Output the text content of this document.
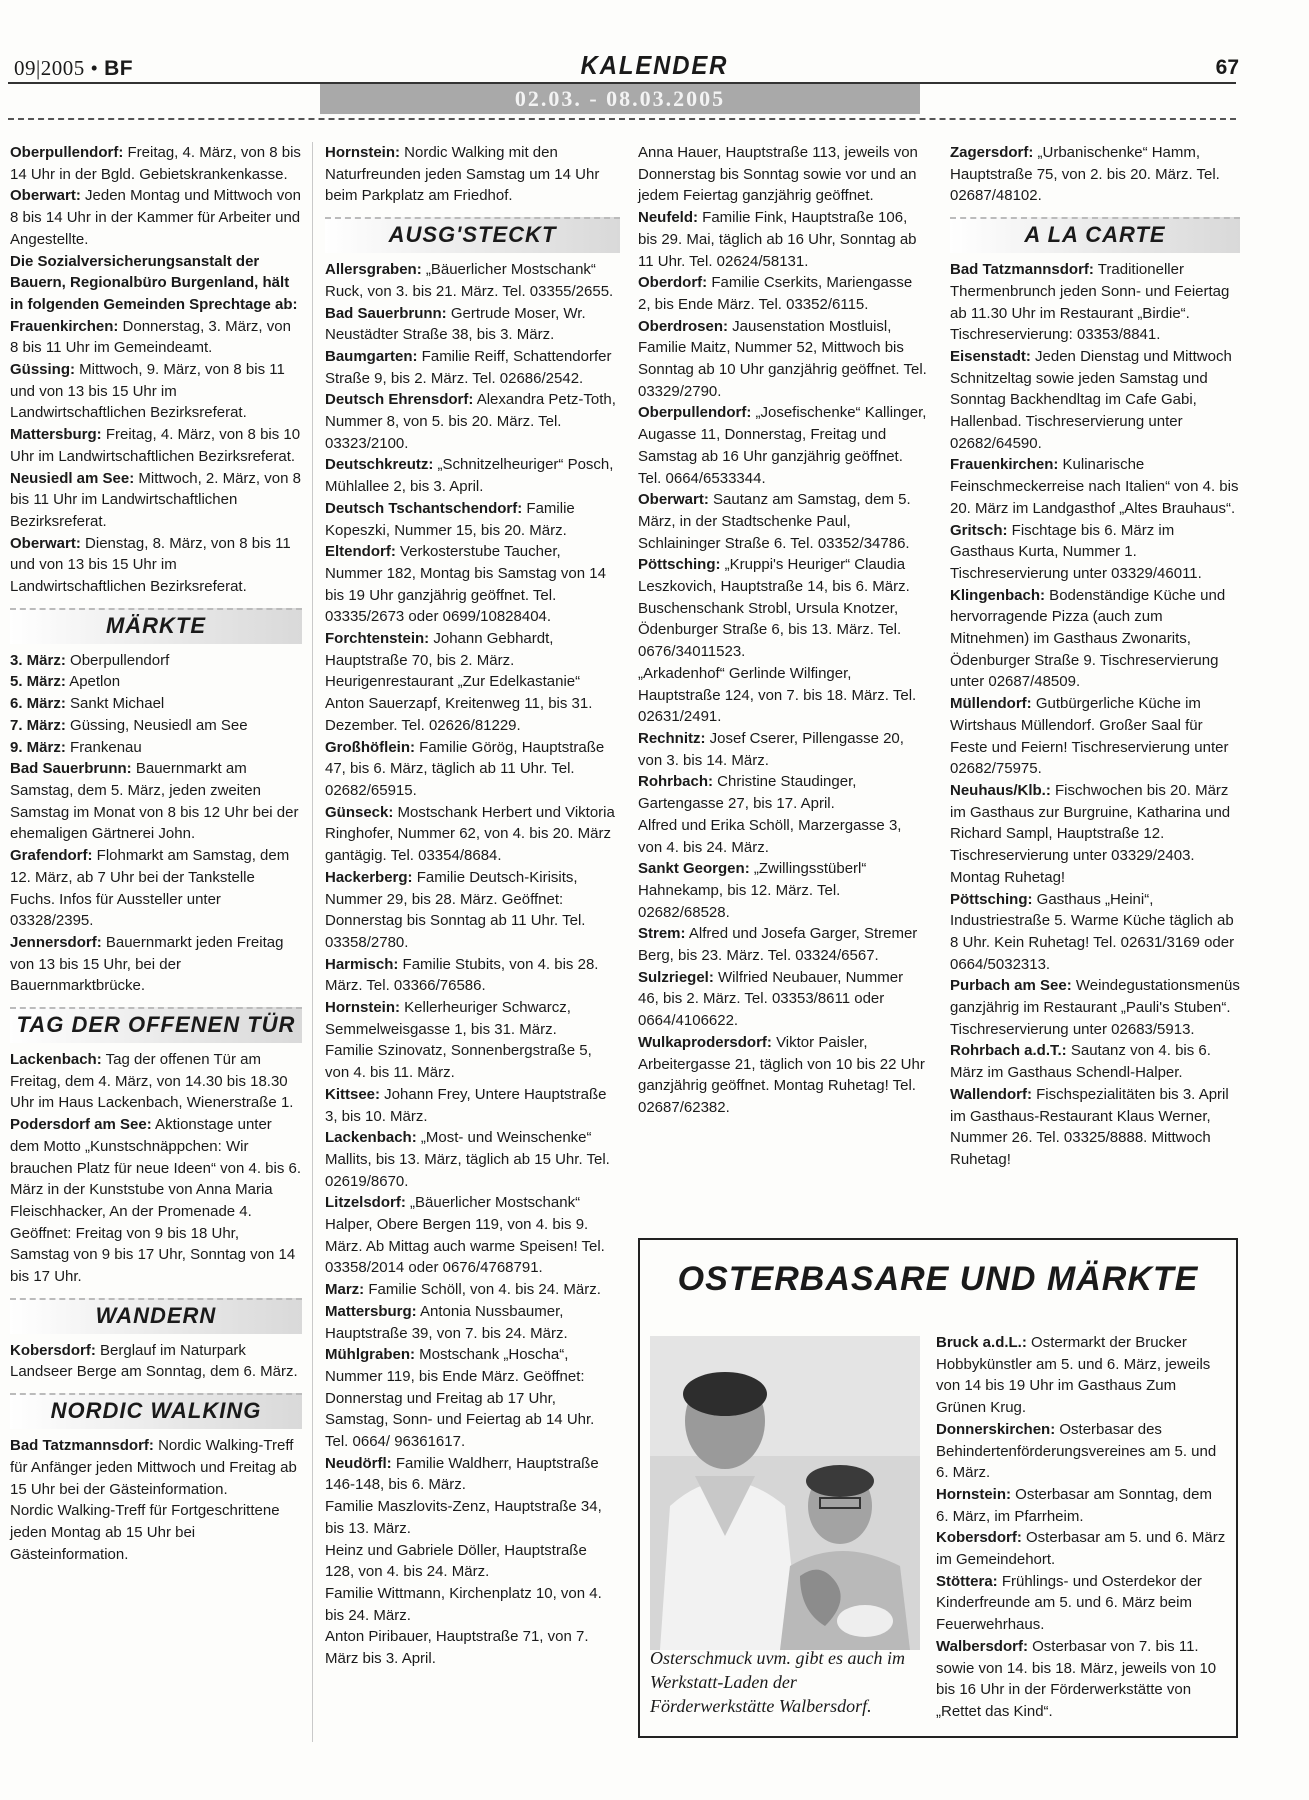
09|2005 • BF	KALENDER	67
02.03. - 08.03.2005

Oberpullendorf: Freitag, 4. März, von 8 bis 14 Uhr in der Bgld. Gebietskrankenkasse.

Oberwart: Jeden Montag und Mittwoch von 8 bis 14 Uhr in der Kammer für Arbeiter und Angestellte.

Die Sozialversicherungsanstalt der Bauern, Regionalbüro Burgenland, hält in folgenden Gemeinden Sprechtage ab:

Frauenkirchen: Donnerstag, 3. März, von 8 bis 11 Uhr im Gemeindeamt.

Güssing: Mittwoch, 9. März, von 8 bis 11 und von 13 bis 15 Uhr im Landwirtschaftlichen Bezirksreferat.

Mattersburg: Freitag, 4. März, von 8 bis 10 Uhr im Landwirtschaftlichen Bezirksreferat.

Neusiedl am See: Mittwoch, 2. März, von 8 bis 11 Uhr im Landwirtschaftlichen Bezirksreferat.

Oberwart: Dienstag, 8. März, von 8 bis 11 und von 13 bis 15 Uhr im Landwirtschaftlichen Bezirksreferat.

MÄRKTE

3. März: Oberpullendorf

5. März: Apetlon

6. März: Sankt Michael

7. März: Güssing, Neusiedl am See

9. März: Frankenau

Bad Sauerbrunn: Bauernmarkt am Samstag, dem 5. März, jeden zweiten Samstag im Monat von 8 bis 12 Uhr bei der ehemaligen Gärtnerei John.

Grafendorf: Flohmarkt am Samstag, dem 12. März, ab 7 Uhr bei der Tankstelle Fuchs. Infos für Aussteller unter 03328/2395.

Jennersdorf: Bauernmarkt jeden Freitag von 13 bis 15 Uhr, bei der Bauernmarktbrücke.

TAG DER OFFENEN TÜR

Lackenbach: Tag der offenen Tür am Freitag, dem 4. März, von 14.30 bis 18.30 Uhr im Haus Lackenbach, Wienerstraße 1.

Podersdorf am See: Aktionstage unter dem Motto „Kunstschnäppchen: Wir brauchen Platz für neue Ideen“ von 4. bis 6. März in der Kunststube von Anna Maria Fleischhacker, An der Promenade 4. Geöffnet: Freitag von 9 bis 18 Uhr, Samstag von 9 bis 17 Uhr, Sonntag von 14 bis 17 Uhr.

WANDERN

Kobersdorf: Berglauf im Naturpark Landseer Berge am Sonntag, dem 6. März.

NORDIC WALKING

Bad Tatzmannsdorf: Nordic Walking-Treff für Anfänger jeden Mittwoch und Freitag ab 15 Uhr bei der Gästeinformation.

Nordic Walking-Treff für Fortgeschrittene jeden Montag ab 15 Uhr bei Gästeinformation.

Hornstein: Nordic Walking mit den Naturfreunden jeden Samstag um 14 Uhr beim Parkplatz am Friedhof.

AUSG'STECKT

Allersgraben: „Bäuerlicher Mostschank“ Ruck, von 3. bis 21. März. Tel. 03355/2655.

Bad Sauerbrunn: Gertrude Moser, Wr. Neustädter Straße 38, bis 3. März.

Baumgarten: Familie Reiff, Schattendorfer Straße 9, bis 2. März. Tel. 02686/2542.

Deutsch Ehrensdorf: Alexandra Petz-Toth, Nummer 8, von 5. bis 20. März. Tel. 03323/2100.

Deutschkreutz: „Schnitzelheuriger“ Posch, Mühlallee 2, bis 3. April.

Deutsch Tschantschendorf: Familie Kopeszki, Nummer 15, bis 20. März.

Eltendorf: Verkosterstube Taucher, Nummer 182, Montag bis Samstag von 14 bis 19 Uhr ganzjährig geöffnet. Tel. 03335/2673 oder 0699/10828404.

Forchtenstein: Johann Gebhardt, Hauptstraße 70, bis 2. März.

Heurigenrestaurant „Zur Edelkastanie“ Anton Sauerzapf, Kreitenweg 11, bis 31. Dezember. Tel. 02626/81229.

Großhöflein: Familie Görög, Hauptstraße 47, bis 6. März, täglich ab 11 Uhr. Tel. 02682/65915.

Günseck: Mostschank Herbert und Viktoria Ringhofer, Nummer 62, von 4. bis 20. März gantägig. Tel. 03354/8684.

Hackerberg: Familie Deutsch-Kirisits, Nummer 29, bis 28. März. Geöffnet: Donnerstag bis Sonntag ab 11 Uhr. Tel. 03358/2780.

Harmisch: Familie Stubits, von 4. bis 28. März. Tel. 03366/76586.

Hornstein: Kellerheuriger Schwarcz, Semmelweisgasse 1, bis 31. März.

Familie Szinovatz, Sonnenbergstraße 5, von 4. bis 11. März.

Kittsee: Johann Frey, Untere Hauptstraße 3, bis 10. März.

Lackenbach: „Most- und Weinschenke“ Mallits, bis 13. März, täglich ab 15 Uhr. Tel. 02619/8670.

Litzelsdorf: „Bäuerlicher Mostschank“ Halper, Obere Bergen 119, von 4. bis 9. März. Ab Mittag auch warme Speisen! Tel. 03358/2014 oder 0676/4768791.

Marz: Familie Schöll, von 4. bis 24. März.

Mattersburg: Antonia Nussbaumer, Hauptstraße 39, von 7. bis 24. März.

Mühlgraben: Mostschank „Hoscha“, Nummer 119, bis Ende März. Geöffnet: Donnerstag und Freitag ab 17 Uhr, Samstag, Sonn- und Feiertag ab 14 Uhr. Tel. 0664/ 96361617.

Neudörfl: Familie Waldherr, Hauptstraße 146-148, bis 6. März.

Familie Maszlovits-Zenz, Hauptstraße 34, bis 13. März.

Heinz und Gabriele Döller, Hauptstraße 128, von 4. bis 24. März.

Familie Wittmann, Kirchenplatz 10, von 4. bis 24. März.

Anton Piribauer, Hauptstraße 71, von 7. März bis 3. April.

Anna Hauer, Hauptstraße 113, jeweils von Donnerstag bis Sonntag sowie vor und an jedem Feiertag ganzjährig geöffnet.

Neufeld: Familie Fink, Hauptstraße 106, bis 29. Mai, täglich ab 16 Uhr, Sonntag ab 11 Uhr. Tel. 02624/58131.

Oberdorf: Familie Cserkits, Mariengasse 2, bis Ende März. Tel. 03352/6115.

Oberdrosen: Jausenstation Mostluisl, Familie Maitz, Nummer 52, Mittwoch bis Sonntag ab 10 Uhr ganzjährig geöffnet. Tel. 03329/2790.

Oberpullendorf: „Josefischenke“ Kallinger, Augasse 11, Donnerstag, Freitag und Samstag ab 16 Uhr ganzjährig geöffnet. Tel. 0664/6533344.

Oberwart: Sautanz am Samstag, dem 5. März, in der Stadtschenke Paul, Schlaininger Straße 6. Tel. 03352/34786.

Pöttsching: „Kruppi's Heuriger“ Claudia Leszkovich, Hauptstraße 14, bis 6. März.

Buschenschank Strobl, Ursula Knotzer, Ödenburger Straße 6, bis 13. März. Tel. 0676/34011523.

„Arkadenhof“ Gerlinde Wilfinger, Hauptstraße 124, von 7. bis 18. März. Tel. 02631/2491.

Rechnitz: Josef Cserer, Pillengasse 20, von 3. bis 14. März.

Rohrbach: Christine Staudinger, Gartengasse 27, bis 17. April.

Alfred und Erika Schöll, Marzergasse 3, von 4. bis 24. März.

Sankt Georgen: „Zwillingsstüberl“ Hahnekamp, bis 12. März. Tel. 02682/68528.

Strem: Alfred und Josefa Garger, Stremer Berg, bis 23. März. Tel. 03324/6567.

Sulzriegel: Wilfried Neubauer, Nummer 46, bis 2. März. Tel. 03353/8611 oder 0664/4106622.

Wulkaprodersdorf: Viktor Paisler, Arbeitergasse 21, täglich von 10 bis 22 Uhr ganzjährig geöffnet. Montag Ruhetag! Tel. 02687/62382.

Zagersdorf: „Urbanischenke“ Hamm, Hauptstraße 75, von 2. bis 20. März. Tel. 02687/48102.

A LA CARTE

Bad Tatzmannsdorf: Traditioneller Thermenbrunch jeden Sonn- und Feiertag ab 11.30 Uhr im Restaurant „Birdie“. Tischreservierung: 03353/8841.

Eisenstadt: Jeden Dienstag und Mittwoch Schnitzeltag sowie jeden Samstag und Sonntag Backhendltag im Cafe Gabi, Hallenbad. Tischreservierung unter 02682/64590.

Frauenkirchen: Kulinarische Feinschmeckerreise nach Italien“ von 4. bis 20. März im Landgasthof „Altes Brauhaus“.

Gritsch: Fischtage bis 6. März im Gasthaus Kurta, Nummer 1. Tischreservierung unter 03329/46011.

Klingenbach: Bodenständige Küche und hervorragende Pizza (auch zum Mitnehmen) im Gasthaus Zwonarits, Ödenburger Straße 9. Tischreservierung unter 02687/48509.

Müllendorf: Gutbürgerliche Küche im Wirtshaus Müllendorf. Großer Saal für Feste und Feiern! Tischreservierung unter 02682/75975.

Neuhaus/Klb.: Fischwochen bis 20. März im Gasthaus zur Burgruine, Katharina und Richard Sampl, Hauptstraße 12. Tischreservierung unter 03329/2403. Montag Ruhetag!

Pöttsching: Gasthaus „Heini“, Industriestraße 5. Warme Küche täglich ab 8 Uhr. Kein Ruhetag! Tel. 02631/3169 oder 0664/5032313.

Purbach am See: Weindegustationsmenüs ganzjährig im Restaurant „Pauli's Stuben“. Tischreservierung unter 02683/5913.

Rohrbach a.d.T.: Sautanz von 4. bis 6. März im Gasthaus Schendl-Halper.

Wallendorf: Fischspezialitäten bis 3. April im Gasthaus-Restaurant Klaus Werner, Nummer 26. Tel. 03325/8888. Mittwoch Ruhetag!

OSTERBASARE UND MÄRKTE
Osterschmuck uvm. gibt es auch im Werkstatt-Laden der Förderwerkstätte Walbersdorf.

Bruck a.d.L.: Ostermarkt der Brucker Hobbykünstler am 5. und 6. März, jeweils von 14 bis 19 Uhr im Gasthaus Zum Grünen Krug.

Donnerskirchen: Osterbasar des Behindertenförderungsvereines am 5. und 6. März.

Hornstein: Osterbasar am Sonntag, dem 6. März, im Pfarrheim.

Kobersdorf: Osterbasar am 5. und 6. März im Gemeindehort.

Stöttera: Frühlings- und Osterdekor der Kinderfreunde am 5. und 6. März beim Feuerwehrhaus.

Walbersdorf: Osterbasar von 7. bis 11. sowie von 14. bis 18. März, jeweils von 10 bis 16 Uhr in der Förderwerkstätte von „Rettet das Kind“.
